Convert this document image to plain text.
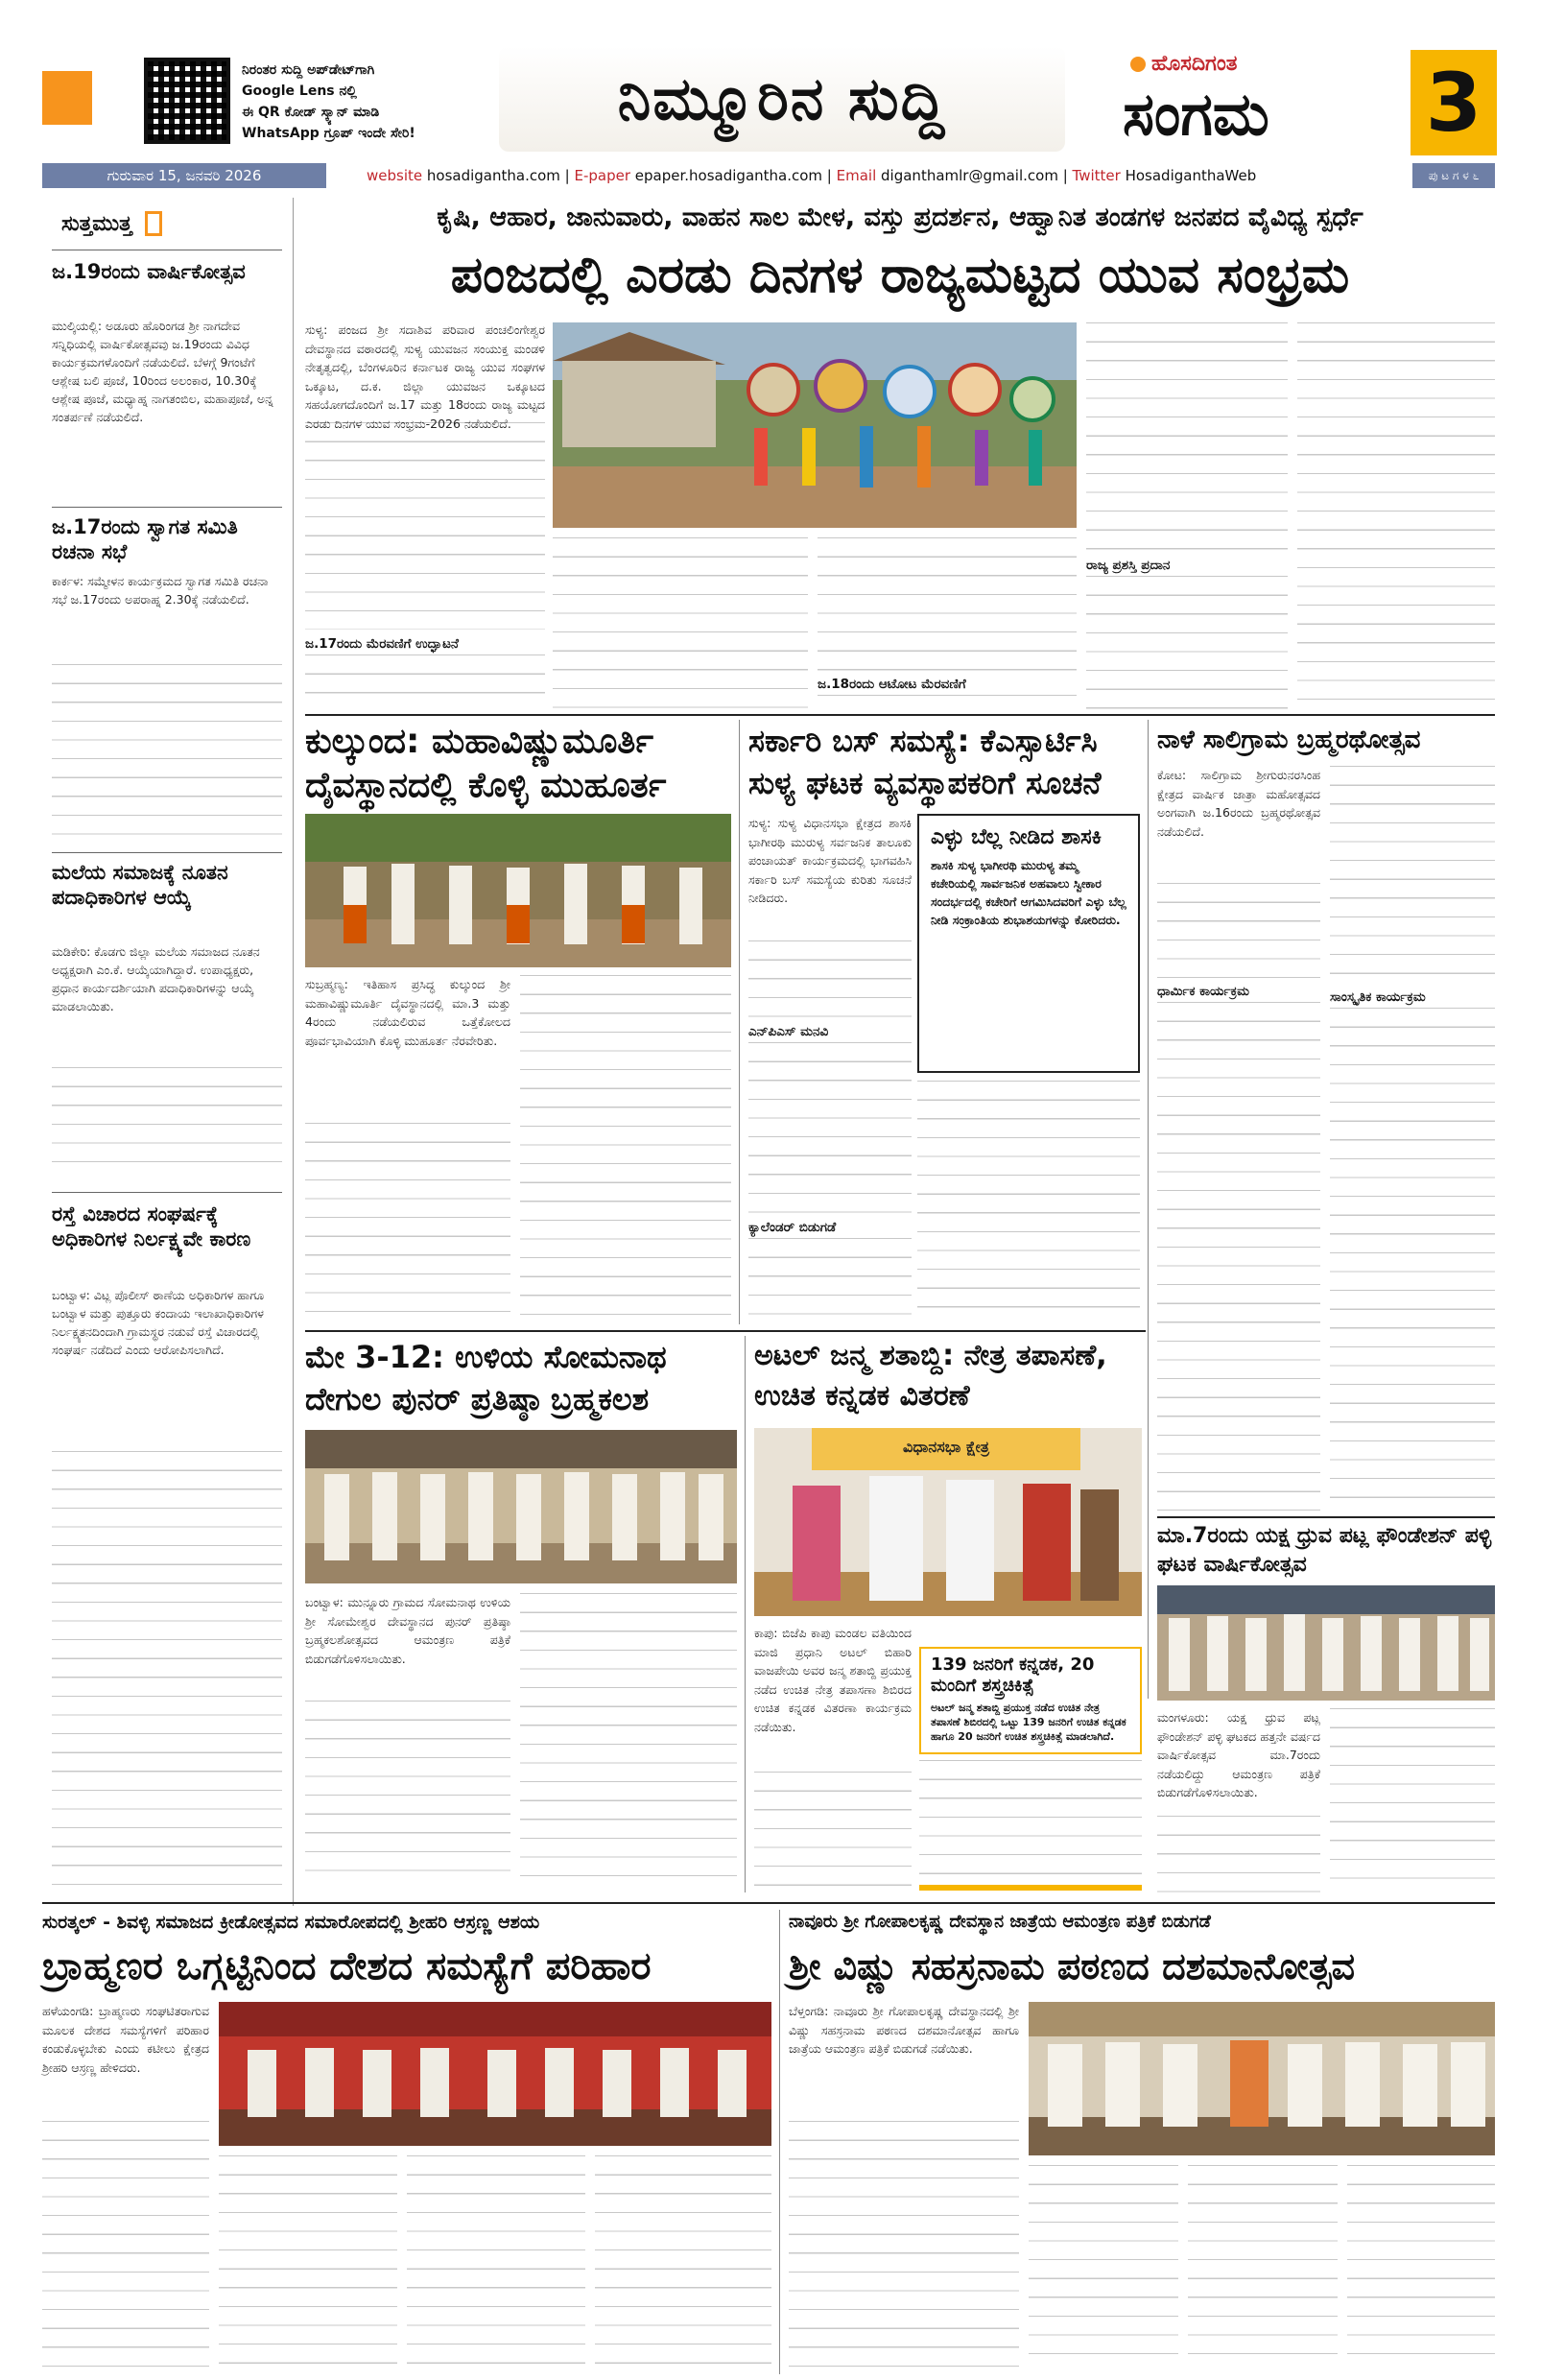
ನಿರಂತರ ಸುದ್ದಿ ಅಪ್‌ಡೇಟ್‌ಗಾಗಿ
Google Lens ನಲ್ಲಿ
ಈ QR ಕೋಡ್ ಸ್ಕ್ಯಾನ್ ಮಾಡಿ
WhatsApp ಗ್ರೂಪ್ ಇಂದೇ ಸೇರಿ!	ನಿಮ್ಮೂರಿನ ಸುದ್ದಿ	ಹೊಸದಿಗಂತ
ಸಂಗಮ 3
ಗುರುವಾರ 15, ಜನವರಿ 2026	website hosadigantha.com | E-paper epaper.hosadigantha.com | Email diganthamlr@gmail.com | Twitter HosadiganthaWeb	ಪು ಟ ಗ ಳ ೬
ಸುತ್ತಮುತ್ತ
ಜ.19ರಂದು ವಾರ್ಷಿಕೋತ್ಸವ
ಮುಲ್ಕಿಯಲ್ಲಿ: ಅಡೂರು ಹೊರಿಂಗಡ ಶ್ರೀ ನಾಗದೇವ ಸನ್ನಿಧಿಯಲ್ಲಿ ವಾರ್ಷಿಕೋತ್ಸವವು ಜ.19ರಂದು ವಿವಿಧ ಕಾರ್ಯಕ್ರಮಗಳೊಂದಿಗೆ ನಡೆಯಲಿದೆ. ಬೆಳಗ್ಗೆ 9ಗಂಟೆಗೆ ಆಶ್ಲೇಷ ಬಲಿ ಪೂಜೆ, 10ರಿಂದ ಅಲಂಕಾರ, 10.30ಕ್ಕೆ ಆಶ್ಲೇಷ ಪೂಜೆ, ಮಧ್ಯಾಹ್ನ ನಾಗತಂಬಿಲ, ಮಹಾಪೂಜೆ, ಅನ್ನ ಸಂತರ್ಪಣೆ ನಡೆಯಲಿದೆ.
ಜ.17ರಂದು ಸ್ವಾಗತ ಸಮಿತಿ ರಚನಾ ಸಭೆ
ಕಾರ್ಕಳ: ಸಮ್ಮೇಳನ ಕಾರ್ಯಕ್ರಮದ ಸ್ವಾಗತ ಸಮಿತಿ ರಚನಾ ಸಭೆ ಜ.17ರಂದು ಅಪರಾಹ್ನ 2.30ಕ್ಕೆ ನಡೆಯಲಿದೆ.
ಮಲೆಯ ಸಮಾಜಕ್ಕೆ ನೂತನ ಪದಾಧಿಕಾರಿಗಳ ಆಯ್ಕೆ
ಮಡಿಕೇರಿ: ಕೊಡಗು ಜಿಲ್ಲಾ ಮಲೆಯ ಸಮಾಜದ ನೂತನ ಅಧ್ಯಕ್ಷರಾಗಿ ಎಂ.ಕೆ. ಆಯ್ಕೆಯಾಗಿದ್ದಾರೆ. ಉಪಾಧ್ಯಕ್ಷರು, ಪ್ರಧಾನ ಕಾರ್ಯದರ್ಶಿಯಾಗಿ ಪದಾಧಿಕಾರಿಗಳನ್ನು ಆಯ್ಕೆ ಮಾಡಲಾಯಿತು.
ರಸ್ತೆ ವಿಚಾರದ ಸಂಘರ್ಷಕ್ಕೆ ಅಧಿಕಾರಿಗಳ ನಿರ್ಲಕ್ಷ್ಯವೇ ಕಾರಣ
ಬಂಟ್ವಾಳ: ವಿಟ್ಲ ಪೊಲೀಸ್ ಠಾಣೆಯ ಅಧಿಕಾರಿಗಳ ಹಾಗೂ ಬಂಟ್ವಾಳ ಮತ್ತು ಪುತ್ತೂರು ಕಂದಾಯ ಇಲಾಖಾಧಿಕಾರಿಗಳ ನಿರ್ಲಕ್ಷ್ಯತನದಿಂದಾಗಿ ಗ್ರಾಮಸ್ಥರ ನಡುವೆ ರಸ್ತೆ ವಿಚಾರದಲ್ಲಿ ಸಂಘರ್ಷ ನಡೆದಿದೆ ಎಂದು ಆರೋಪಿಸಲಾಗಿದೆ.
ಕೃಷಿ, ಆಹಾರ, ಜಾನುವಾರು, ವಾಹನ ಸಾಲ ಮೇಳ, ವಸ್ತು ಪ್ರದರ್ಶನ, ಆಹ್ವಾನಿತ ತಂಡಗಳ ಜನಪದ ವೈವಿಧ್ಯ ಸ್ಪರ್ಧೆ
ಪಂಜದಲ್ಲಿ ಎರಡು ದಿನಗಳ ರಾಜ್ಯಮಟ್ಟದ ಯುವ ಸಂಭ್ರಮ
ಸುಳ್ಯ: ಪಂಜದ ಶ್ರೀ ಸದಾಶಿವ ಪರಿವಾರ ಪಂಚಲಿಂಗೇಶ್ವರ ದೇವಸ್ಥಾನದ ವಠಾರದಲ್ಲಿ ಸುಳ್ಯ ಯುವಜನ ಸಂಯುಕ್ತ ಮಂಡಳಿ ನೇತೃತ್ವದಲ್ಲಿ, ಬೆಂಗಳೂರಿನ ಕರ್ನಾಟಕ ರಾಜ್ಯ ಯುವ ಸಂಘಗಳ ಒಕ್ಕೂಟ, ದ.ಕ. ಜಿಲ್ಲಾ ಯುವಜನ ಒಕ್ಕೂಟದ ಸಹಯೋಗದೊಂದಿಗೆ ಜ.17 ಮತ್ತು 18ರಂದು ರಾಜ್ಯ ಮಟ್ಟದ ಎರಡು ದಿನಗಳ ಯುವ ಸಂಭ್ರಮ-2026 ನಡೆಯಲಿದೆ.
ಜ.17ರಂದು ಮೆರವಣಿಗೆ ಉದ್ಘಾಟನೆ
ಜ.18ರಂದು ಆಟೋಟ ಮೆರವಣಿಗೆ
ರಾಜ್ಯ ಪ್ರಶಸ್ತಿ ಪ್ರದಾನ
ಕುಲ್ಕುಂದ: ಮಹಾವಿಷ್ಣುಮೂರ್ತಿ ದೈವಸ್ಥಾನದಲ್ಲಿ ಕೊಳ್ಳಿ ಮುಹೂರ್ತ
ಸುಬ್ರಹ್ಮಣ್ಯ: ಇತಿಹಾಸ ಪ್ರಸಿದ್ಧ ಕುಲ್ಕುಂದ ಶ್ರೀ ಮಹಾವಿಷ್ಣುಮೂರ್ತಿ ದೈವಸ್ಥಾನದಲ್ಲಿ ಮಾ.3 ಮತ್ತು 4ರಂದು ನಡೆಯಲಿರುವ ಒತ್ತೆಕೋಲದ ಪೂರ್ವಭಾವಿಯಾಗಿ ಕೊಳ್ಳಿ ಮುಹೂರ್ತ ನೆರವೇರಿತು.
ಸರ್ಕಾರಿ ಬಸ್ ಸಮಸ್ಯೆ: ಕೆಎಸ್ಸಾರ್ಟಿಸಿ ಸುಳ್ಯ ಘಟಕ ವ್ಯವಸ್ಥಾಪಕರಿಗೆ ಸೂಚನೆ
ಸುಳ್ಯ: ಸುಳ್ಯ ವಿಧಾನಸಭಾ ಕ್ಷೇತ್ರದ ಶಾಸಕಿ ಭಾಗೀರಥಿ ಮುರುಳ್ಯ ಸರ್ವಜನಿಕ ತಾಲೂಕು ಪಂಚಾಯತ್ ಕಾರ್ಯಕ್ರಮದಲ್ಲಿ ಭಾಗವಹಿಸಿ ಸರ್ಕಾರಿ ಬಸ್ ಸಮಸ್ಯೆಯ ಕುರಿತು ಸೂಚನೆ ನೀಡಿದರು.
ಎನ್‌ಪಿಎಸ್ ಮನವಿ
ಕ್ಯಾಲೆಂಡರ್ ಬಿಡುಗಡೆ
ಎಳ್ಳು ಬೆಲ್ಲ ನೀಡಿದ ಶಾಸಕಿ
ಶಾಸಕಿ ಸುಳ್ಯ ಭಾಗೀರಥಿ ಮುರುಳ್ಯ ತಮ್ಮ ಕಚೇರಿಯಲ್ಲಿ ಸಾರ್ವಜನಿಕ ಅಹವಾಲು ಸ್ವೀಕಾರ ಸಂದರ್ಭದಲ್ಲಿ ಕಚೇರಿಗೆ ಆಗಮಿಸಿದವರಿಗೆ ಎಳ್ಳು ಬೆಲ್ಲ ನೀಡಿ ಸಂಕ್ರಾಂತಿಯ ಶುಭಾಶಯಗಳನ್ನು ಕೋರಿದರು.
ನಾಳೆ ಸಾಲಿಗ್ರಾಮ ಬ್ರಹ್ಮರಥೋತ್ಸವ
ಕೋಟ: ಸಾಲಿಗ್ರಾಮ ಶ್ರೀಗುರುನರಸಿಂಹ ಕ್ಷೇತ್ರದ ವಾರ್ಷಿಕ ಜಾತ್ರಾ ಮಹೋತ್ಸವದ ಅಂಗವಾಗಿ ಜ.16ರಂದು ಬ್ರಹ್ಮರಥೋತ್ಸವ ನಡೆಯಲಿದೆ.
ಧಾರ್ಮಿಕ ಕಾರ್ಯಕ್ರಮ	ಸಾಂಸ್ಕೃತಿಕ ಕಾರ್ಯಕ್ರಮ
ಮೇ 3-12: ಉಳಿಯ ಸೋಮನಾಥ ದೇಗುಲ ಪುನರ್ ಪ್ರತಿಷ್ಠಾ ಬ್ರಹ್ಮಕಲಶ
ಬಂಟ್ವಾಳ: ಮುನ್ನೂರು ಗ್ರಾಮದ ಸೋಮನಾಥ ಉಳಿಯ ಶ್ರೀ ಸೋಮೇಶ್ವರ ದೇವಸ್ಥಾನದ ಪುನರ್ ಪ್ರತಿಷ್ಠಾ ಬ್ರಹ್ಮಕಲಶೋತ್ಸವದ ಆಮಂತ್ರಣ ಪತ್ರಿಕೆ ಬಿಡುಗಡೆಗೊಳಿಸಲಾಯಿತು.
ಅಟಲ್ ಜನ್ಮ ಶತಾಬ್ದಿ: ನೇತ್ರ ತಪಾಸಣೆ, ಉಚಿತ ಕನ್ನಡಕ ವಿತರಣೆ
ವಿಧಾನಸಭಾ ಕ್ಷೇತ್ರ
139 ಜನರಿಗೆ ಕನ್ನಡಕ, 20 ಮಂದಿಗೆ ಶಸ್ತ್ರಚಿಕಿತ್ಸೆ
ಅಟಲ್ ಜನ್ಮ ಶತಾಬ್ದಿ ಪ್ರಯುಕ್ತ ನಡೆದ ಉಚಿತ ನೇತ್ರ ತಪಾಸಣೆ ಶಿಬಿರದಲ್ಲಿ ಒಟ್ಟು 139 ಜನರಿಗೆ ಉಚಿತ ಕನ್ನಡಕ ಹಾಗೂ 20 ಜನರಿಗೆ ಉಚಿತ ಶಸ್ತ್ರಚಿಕಿತ್ಸೆ ಮಾಡಲಾಗಿದೆ.
ಕಾಪು: ಬಿಜೆಪಿ ಕಾಪು ಮಂಡಲ ವತಿಯಿಂದ ಮಾಜಿ ಪ್ರಧಾನಿ ಅಟಲ್ ಬಿಹಾರಿ ವಾಜಪೇಯಿ ಅವರ ಜನ್ಮ ಶತಾಬ್ದಿ ಪ್ರಯುಕ್ತ ನಡೆದ ಉಚಿತ ನೇತ್ರ ತಪಾಸಣಾ ಶಿಬಿರದ ಉಚಿತ ಕನ್ನಡಕ ವಿತರಣಾ ಕಾರ್ಯಕ್ರಮ ನಡೆಯಿತು.
ಮಾ.7ರಂದು ಯಕ್ಷ ಧ್ರುವ ಪಟ್ಲ ಫೌಂಡೇಶನ್ ಪಳ್ಳಿ ಘಟಕ ವಾರ್ಷಿಕೋತ್ಸವ
ಮಂಗಳೂರು: ಯಕ್ಷ ಧ್ರುವ ಪಟ್ಲ ಫೌಂಡೇಶನ್ ಪಳ್ಳಿ ಘಟಕದ ಹತ್ತನೇ ವರ್ಷದ ವಾರ್ಷಿಕೋತ್ಸವ ಮಾ.7ರಂದು ನಡೆಯಲಿದ್ದು ಆಮಂತ್ರಣ ಪತ್ರಿಕೆ ಬಿಡುಗಡೆಗೊಳಿಸಲಾಯಿತು.
ಸುರತ್ಕಲ್ - ಶಿವಳ್ಳಿ ಸಮಾಜದ ಕ್ರೀಡೋತ್ಸವದ ಸಮಾರೋಪದಲ್ಲಿ ಶ್ರೀಹರಿ ಆಸ್ರಣ್ಣ ಆಶಯ
ಬ್ರಾಹ್ಮಣರ ಒಗ್ಗಟ್ಟಿನಿಂದ ದೇಶದ ಸಮಸ್ಯೆಗೆ ಪರಿಹಾರ
ಹಳೆಯಂಗಡಿ: ಬ್ರಾಹ್ಮಣರು ಸಂಘಟಿತರಾಗುವ ಮೂಲಕ ದೇಶದ ಸಮಸ್ಯೆಗಳಿಗೆ ಪರಿಹಾರ ಕಂಡುಕೊಳ್ಳಬೇಕು ಎಂದು ಕಟೀಲು ಕ್ಷೇತ್ರದ ಶ್ರೀಹರಿ ಆಸ್ರಣ್ಣ ಹೇಳಿದರು.
ನಾವೂರು ಶ್ರೀ ಗೋಪಾಲಕೃಷ್ಣ ದೇವಸ್ಥಾನ ಜಾತ್ರೆಯ ಆಮಂತ್ರಣ ಪತ್ರಿಕೆ ಬಿಡುಗಡೆ
ಶ್ರೀ ವಿಷ್ಣು ಸಹಸ್ರನಾಮ ಪಠಣದ ದಶಮಾನೋತ್ಸವ
ಬೆಳ್ತಂಗಡಿ: ನಾವೂರು ಶ್ರೀ ಗೋಪಾಲಕೃಷ್ಣ ದೇವಸ್ಥಾನದಲ್ಲಿ ಶ್ರೀ ವಿಷ್ಣು ಸಹಸ್ರನಾಮ ಪಠಣದ ದಶಮಾನೋತ್ಸವ ಹಾಗೂ ಜಾತ್ರೆಯ ಆಮಂತ್ರಣ ಪತ್ರಿಕೆ ಬಿಡುಗಡೆ ನಡೆಯಿತು.
